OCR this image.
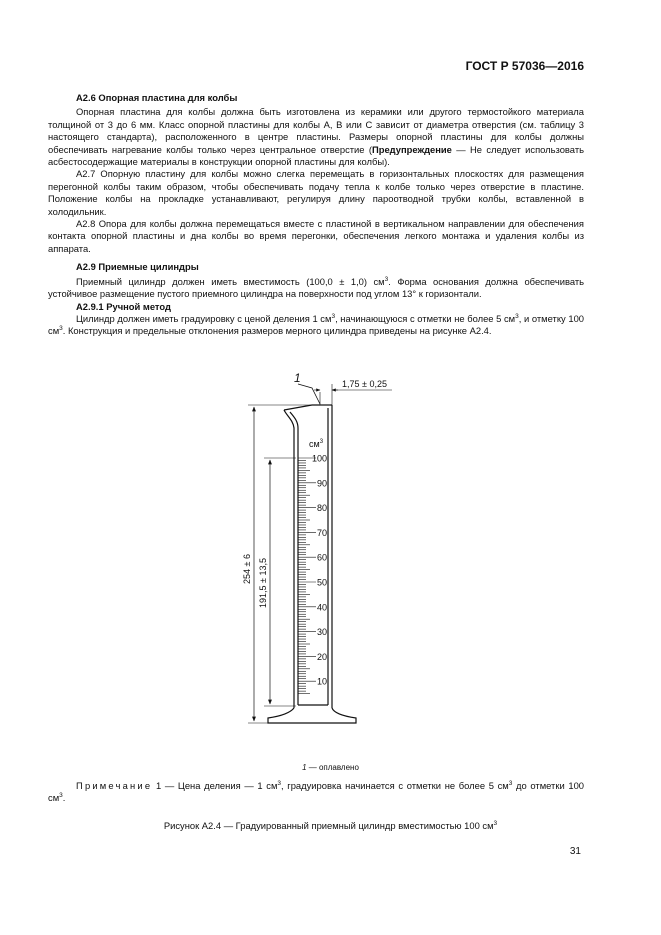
ГОСТ Р 57036—2016

А2.6 Опорная пластина для колбы

Опорная пластина для колбы должна быть изготовлена из керамики или другого термостойкого материала толщиной от 3 до 6 мм. Класс опорной пластины для колбы A, B или C зависит от диаметра отверстия (см. таблицу 3 настоящего стандарта), расположенного в центре пластины. Размеры опорной пластины для колбы должны обеспечивать нагревание колбы только через центральное отверстие (Предупреждение — Не следует использовать асбестосодержащие материалы в конструкции опорной пластины для колбы).

А2.7 Опорную пластину для колбы можно слегка перемещать в горизонтальных плоскостях для размещения перегонной колбы таким образом, чтобы обеспечивать подачу тепла к колбе только через отверстие в пластине. Положение колбы на прокладке устанавливают, регулируя длину пароотводной трубки колбы, вставленной в холодильник.

А2.8 Опора для колбы должна перемещаться вместе с пластиной в вертикальном направлении для обеспечения контакта опорной пластины и дна колбы во время перегонки, обеспечения легкого монтажа и удаления колбы из аппарата.

А2.9 Приемные цилиндры

Приемный цилиндр должен иметь вместимость (100,0 ± 1,0) $см^3$. Форма основания должна обеспечивать устойчивое размещение пустого приемного цилиндра на поверхности под углом 13° к горизонтали.

А2.9.1 Ручной метод

Цилиндр должен иметь градуировку с ценой деления 1 $см^3$, начинающуюся с отметки не более 5 $см^3$, и отметку 100 $см^3$. Конструкция и предельные отклонения размеров мерного цилиндра приведены на рисунке А2.4.

100
90
80
70
60
50
40
30
20
10
$см^3$
1	1,75 ± 0,25
254 ± 6 191,5 ± 13,5
1 — оплавлено
Примечание 1 — Цена деления — 1 $см^3$, градуировка начинается с отметки не более 5 $см^3$ до отметки 100 $см^3$.
Рисунок А2.4 — Градуированный приемный цилиндр вместимостью 100 $см^3$
31
